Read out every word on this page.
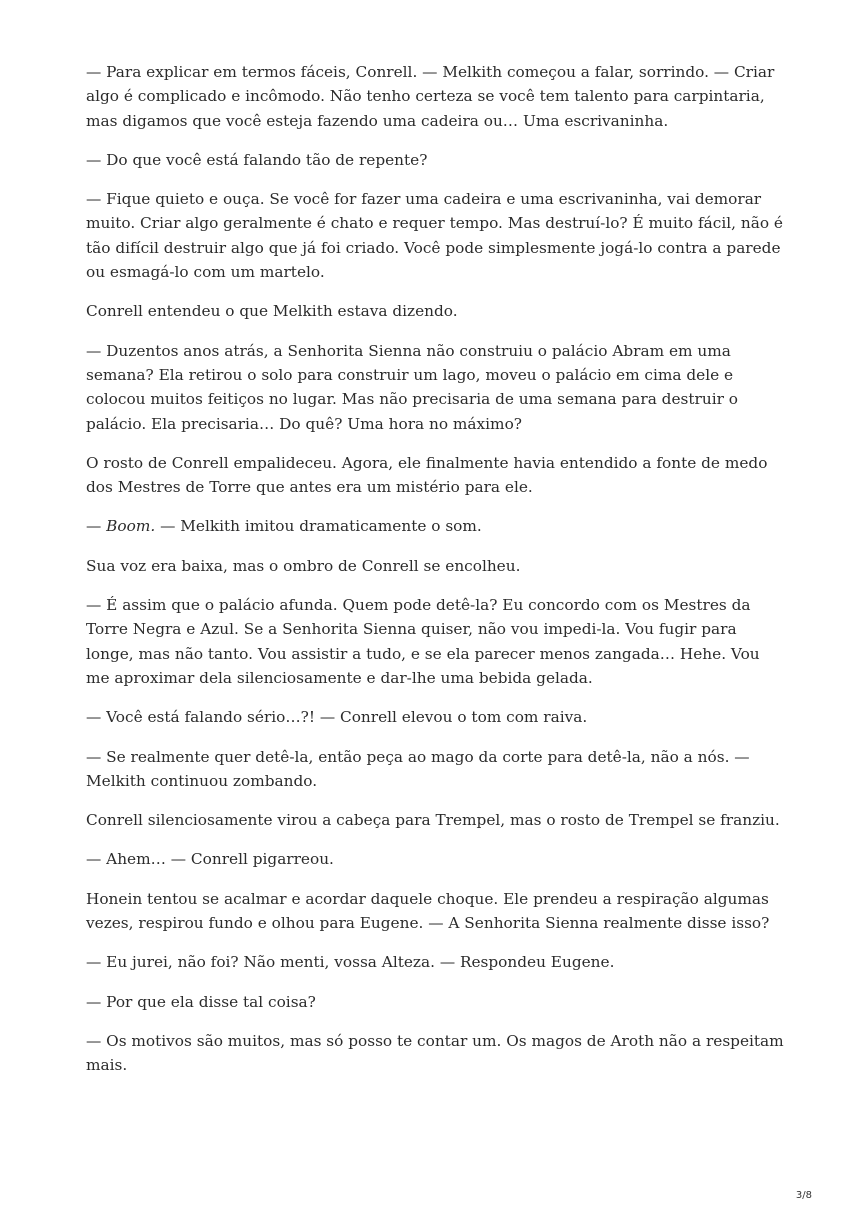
— Para explicar em termos fáceis, Conrell. — Melkith começou a falar, sorrindo. — Criar algo é complicado e incômodo. Não tenho certeza se você tem talento para carpintaria, mas digamos que você esteja fazendo uma cadeira ou… Uma escrivaninha.

— Do que você está falando tão de repente?

— Fique quieto e ouça. Se você for fazer uma cadeira e uma escrivaninha, vai demorar muito. Criar algo geralmente é chato e requer tempo. Mas destruí-lo? É muito fácil, não é tão difícil destruir algo que já foi criado. Você pode simplesmente jogá-lo contra a parede ou esmagá-lo com um martelo.

Conrell entendeu o que Melkith estava dizendo.

— Duzentos anos atrás, a Senhorita Sienna não construiu o palácio Abram em uma semana? Ela retirou o solo para construir um lago, moveu o palácio em cima dele e colocou muitos feitiços no lugar. Mas não precisaria de uma semana para destruir o palácio. Ela precisaria… Do quê? Uma hora no máximo?

O rosto de Conrell empalideceu. Agora, ele finalmente havia entendido a fonte de medo dos Mestres de Torre que antes era um mistério para ele.

— Boom. — Melkith imitou dramaticamente o som.

Sua voz era baixa, mas o ombro de Conrell se encolheu.

— É assim que o palácio afunda. Quem pode detê-la? Eu concordo com os Mestres da Torre Negra e Azul. Se a Senhorita Sienna quiser, não vou impedi-la. Vou fugir para longe, mas não tanto. Vou assistir a tudo, e se ela parecer menos zangada… Hehe. Vou me aproximar dela silenciosamente e dar-lhe uma bebida gelada.

— Você está falando sério…?! — Conrell elevou o tom com raiva.

— Se realmente quer detê-la, então peça ao mago da corte para detê-la, não a nós. — Melkith continuou zombando.

Conrell silenciosamente virou a cabeça para Trempel, mas o rosto de Trempel se franziu.

— Ahem… — Conrell pigarreou.

Honein tentou se acalmar e acordar daquele choque. Ele prendeu a respiração algumas vezes, respirou fundo e olhou para Eugene. — A Senhorita Sienna realmente disse isso?

— Eu jurei, não foi? Não menti, vossa Alteza. — Respondeu Eugene.

— Por que ela disse tal coisa?

— Os motivos são muitos, mas só posso te contar um. Os magos de Aroth não a respeitam mais.

3/8
